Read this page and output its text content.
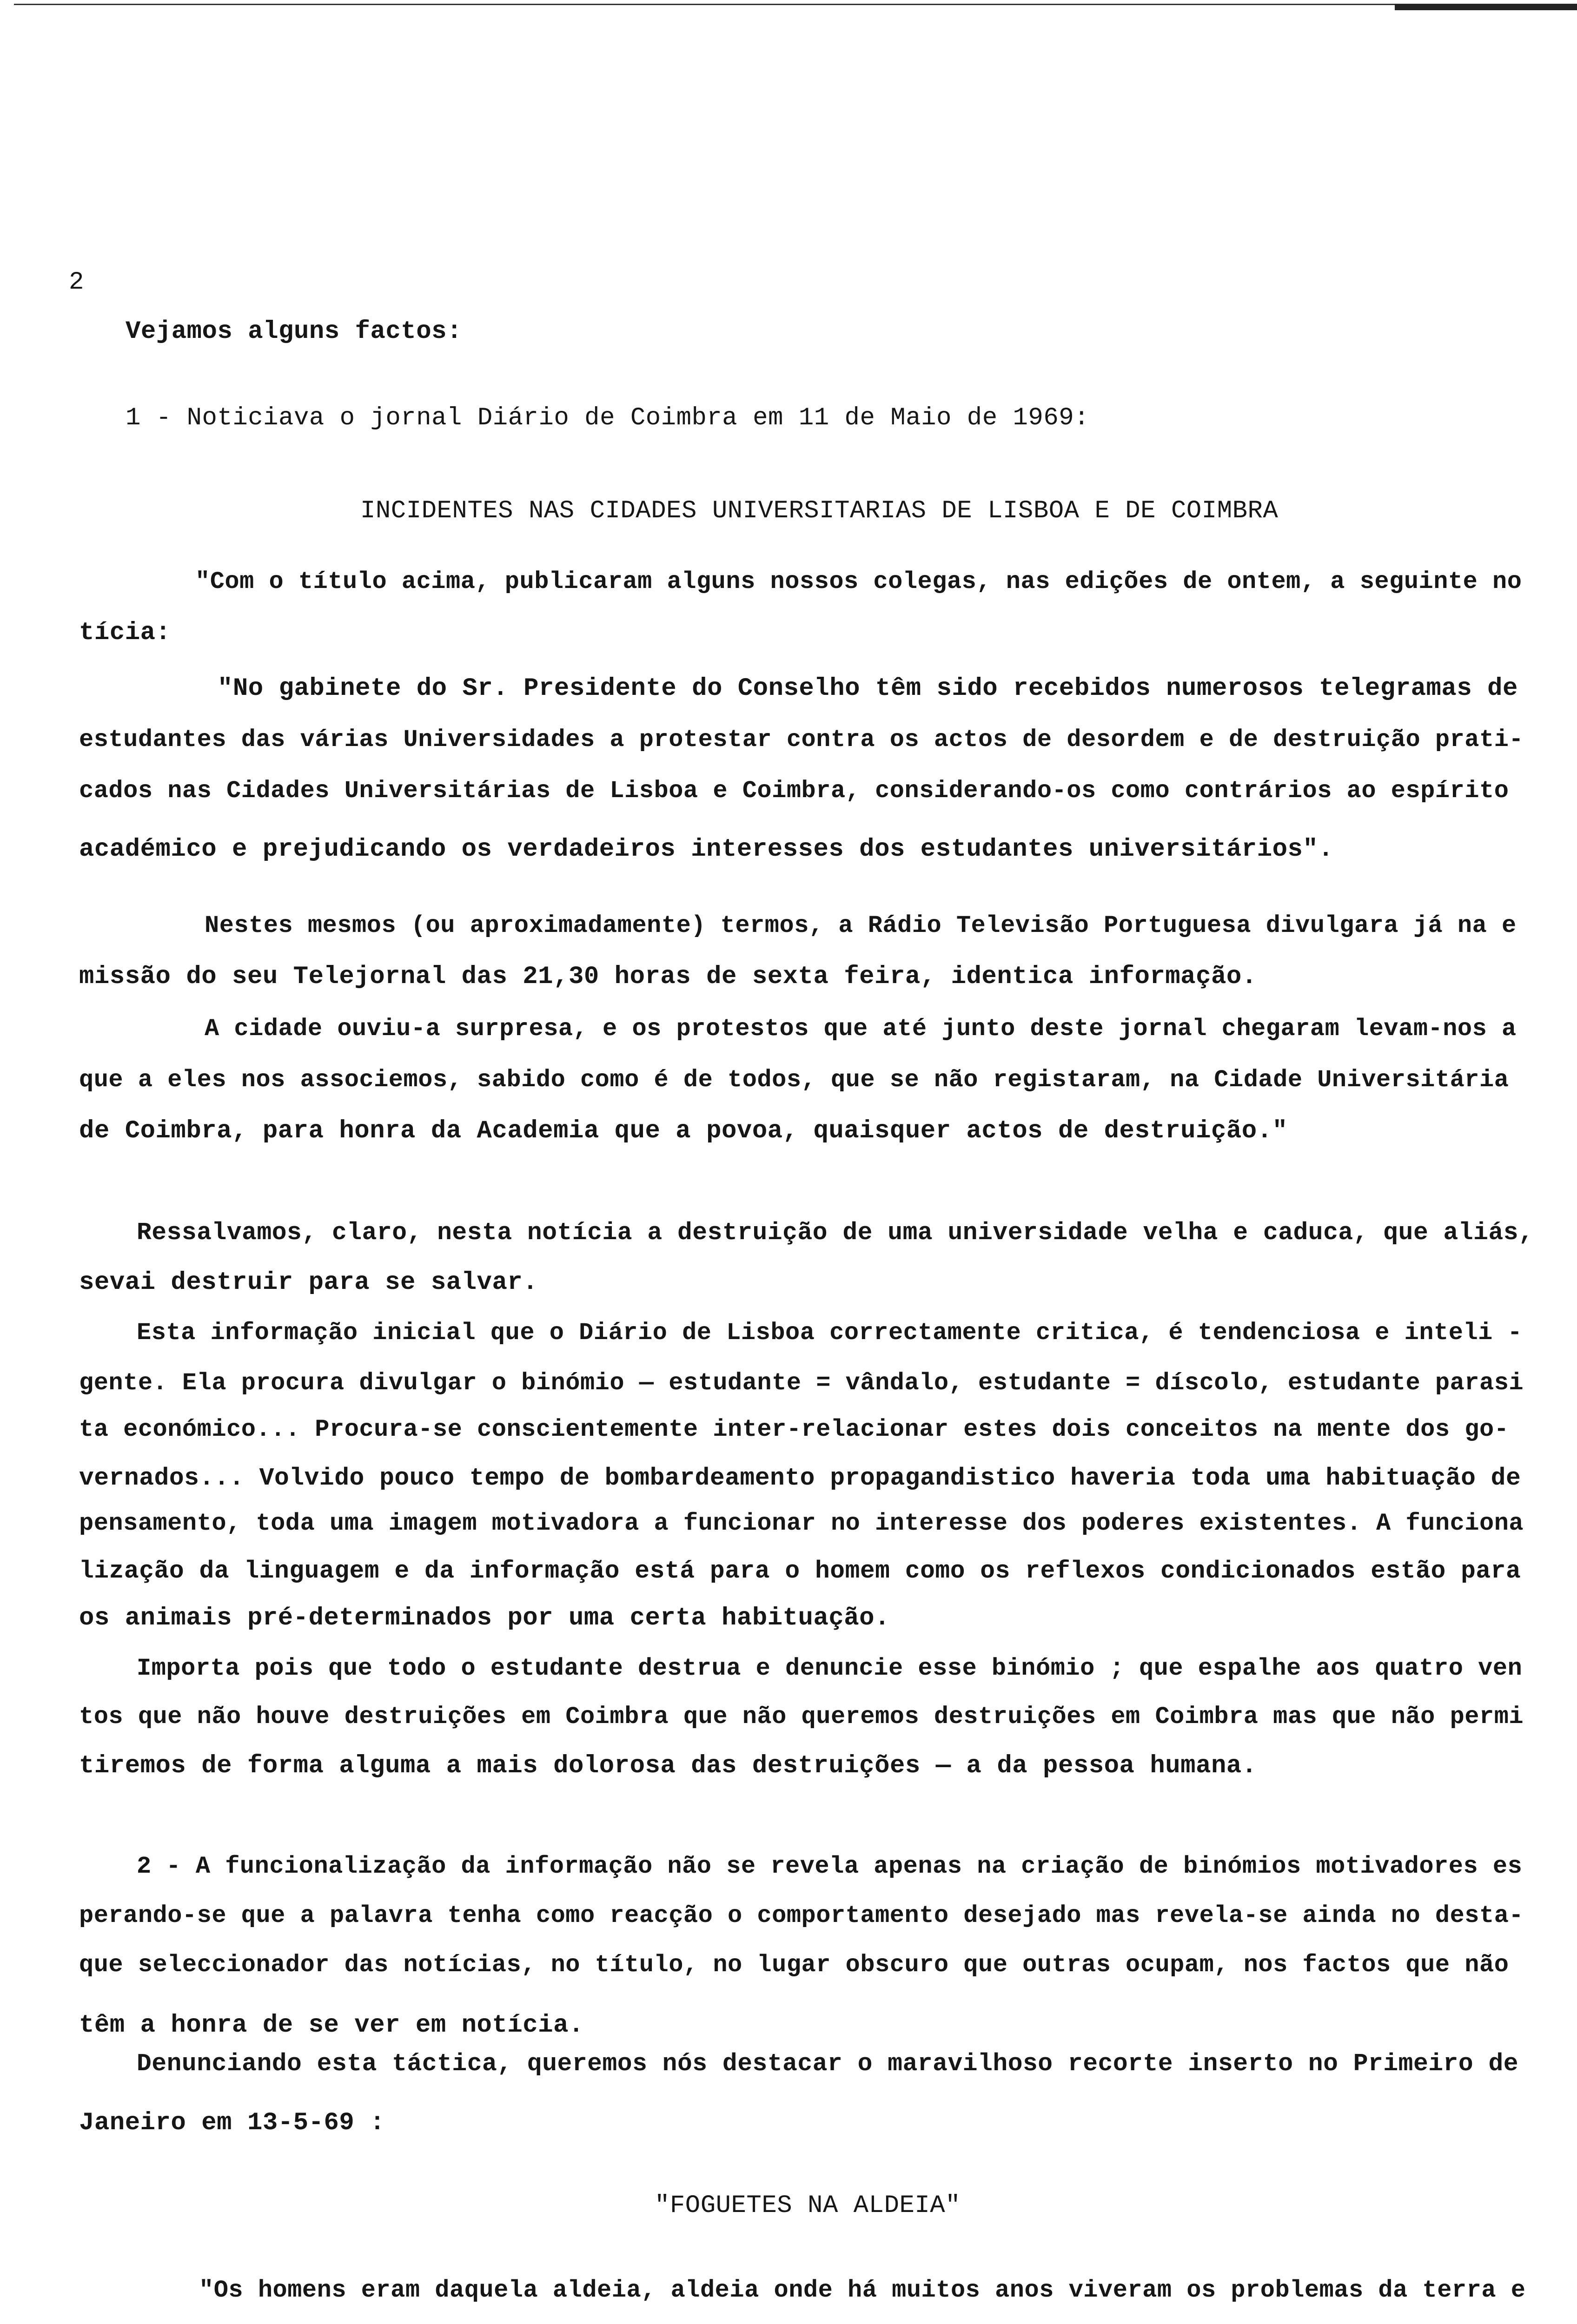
2
Vejamos alguns factos:
1 - Noticiava o jornal Diário de Coimbra em 11 de Maio de 1969:
INCIDENTES NAS CIDADES UNIVERSITARIAS DE LISBOA E DE COIMBRA
"Com o título acima, publicaram alguns nossos colegas, nas edições de ontem, a seguinte no
tícia:
"No gabinete do Sr. Presidente do Conselho têm sido recebidos numerosos telegramas de
estudantes das várias Universidades a protestar contra os actos de desordem e de destruição prati-
cados nas Cidades Universitárias de Lisboa e Coimbra, considerando-os como contrários ao espírito
académico e prejudicando os verdadeiros interesses dos estudantes universitários".
Nestes mesmos (ou aproximadamente) termos, a Rádio Televisão Portuguesa divulgara já na e
missão do seu Telejornal das 21,30 horas de sexta feira, identica informação.
A cidade ouviu-a surpresa, e os protestos que até junto deste jornal chegaram levam-nos a
que a eles nos associemos, sabido como é de todos, que se não registaram, na Cidade Universitária
de Coimbra, para honra da Academia que a povoa, quaisquer actos de destruição."
Ressalvamos, claro, nesta notícia a destruição de uma universidade velha e caduca, que aliás,
sevai destruir para se salvar.
Esta informação inicial que o Diário de Lisboa correctamente critica, é tendenciosa e inteli -
gente. Ela procura divulgar o binómio — estudante = vândalo, estudante = díscolo, estudante parasi
ta económico... Procura-se conscientemente inter-relacionar estes dois conceitos na mente dos go-
vernados... Volvido pouco tempo de bombardeamento propagandistico haveria toda uma habituação de
pensamento, toda uma imagem motivadora a funcionar no interesse dos poderes existentes. A funciona
lização da linguagem e da informação está para o homem como os reflexos condicionados estão para
os animais pré-determinados por uma certa habituação.
Importa pois que todo o estudante destrua e denuncie esse binómio ; que espalhe aos quatro ven
tos que não houve destruições em Coimbra que não queremos destruições em Coimbra mas que não permi
tiremos de forma alguma a mais dolorosa das destruições — a da pessoa humana.
2 - A funcionalização da informação não se revela apenas na criação de binómios motivadores es
perando-se que a palavra tenha como reacção o comportamento desejado mas revela-se ainda no desta-
que seleccionador das notícias, no título, no lugar obscuro que outras ocupam, nos factos que não
têm a honra de se ver em notícia.
Denunciando esta táctica, queremos nós destacar o maravilhoso recorte inserto no Primeiro de
Janeiro em 13-5-69 :
"FOGUETES NA ALDEIA"
"Os homens eram daquela aldeia, aldeia onde há muitos anos viveram os problemas da terra e
